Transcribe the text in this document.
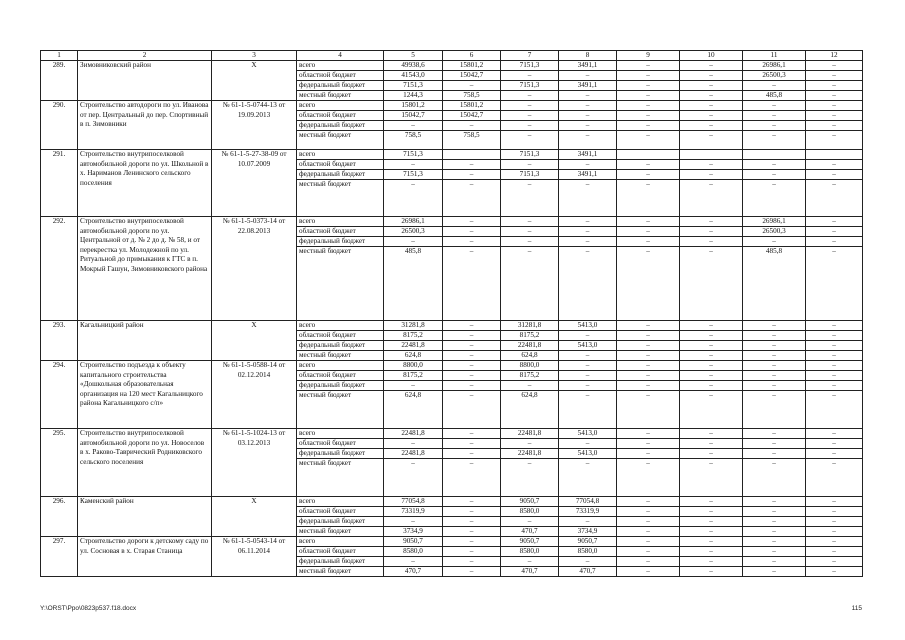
1	2	3	4	5	6	7	8	9	10	11	12
289.	Зимовниковский район	Х	всего	49938,6	15801,2	7151,3	3491,1	–	–	26986,1	–
			областной бюджет	41543,0	15042,7	–	–	–	–	26500,3	–
			федеральный бюджет	7151,3	–	7151,3	3491,1	–	–	–	–
			местный бюджет	1244,3	758,5	–	–	–	–	485,8	–
290.	Строительство автодороги по ул. Иванова от пер. Центральный до пер. Спортивный в п. Зимовники	№ 61-1-5-0744-13 от 19.09.2013	всего	15801,2	15801,2	–	–	–	–	–	–
			областной бюджет	15042,7	15042,7	–	–	–	–	–	–
			федеральный бюджет	–	–	–	–	–	–	–	–
			местный бюджет	758,5	758,5	–	–	–	–	–	–
291.	Строительство внутрипоселковой автомобильной дороги по ул. Школьной в х. Нариманов Ленинского сельского поселения	№ 61-1-5-27-38-09 от 10.07.2009	всего	7151,3		7151,3	3491,1				
			областной бюджет	–	–	–	–	–	–	–	–
			федеральный бюджет	7151,3	–	7151,3	3491,1	–	–	–	–
			местный бюджет	–	–	–	–	–	–	–	–
292.	Строительство внутрипоселковой автомобильной дороги по ул. Центральной от д. № 2 до д. № 58, и от перекрестка ул. Молодежной по ул. Ритуальной до примыкания к ГТС в п. Мокрый Гашун, Зимовниковского района	№ 61-1-5-0373-14 от 22.08.2013	всего	26986,1	–	–	–	–	–	26986,1	–
			областной бюджет	26500,3	–	–	–	–	–	26500,3	–
			федеральный бюджет	–	–	–	–	–	–	–	–
			местный бюджет	485,8	–	–	–	–	–	485,8	–
293.	Кагальницкий район	Х	всего	31281,8	–	31281,8	5413,0	–	–	–	–
			областной бюджет	8175,2	–	8175,2	–	–	–	–	–
			федеральный бюджет	22481,8	–	22481,8	5413,0	–	–	–	–
			местный бюджет	624,8	–	624,8	–	–	–	–	–
294.	Строительство подъезда к объекту капитального строительства «Дошкольная образовательная организация на 120 мест Кагальницкого района Кагальницкого с/п»	№ 61-1-5-0588-14 от 02.12.2014	всего	8800,0	–	8800,0	–	–	–	–	–
			областной бюджет	8175,2	–	8175,2	–	–	–	–	–
			федеральный бюджет	–	–	–	–	–	–	–	–
			местный бюджет	624,8	–	624,8	–	–	–	–	–
295.	Строительство внутрипоселковой автомобильной дороги по ул. Новоселов в х. Раково-Таврический Родниковского сельского поселения	№ 61-1-5-1024-13 от 03.12.2013	всего	22481,8	–	22481,8	5413,0	–	–	–	–
			областной бюджет	–	–	–	–	–	–	–	–
			федеральный бюджет	22481,8	–	22481,8	5413,0	–	–	–	–
			местный бюджет	–	–	–	–	–	–	–	–
296.	Каменский район	Х	всего	77054,8	–	9050,7	77054,8	–	–	–	–
			областной бюджет	73319,9	–	8580,0	73319,9	–	–	–	–
			федеральный бюджет	–	–	–	–	–	–	–	–
			местный бюджет	3734,9	–	470,7	3734,9	–	–	–	–
297.	Строительство дороги к детскому саду по ул. Сосновая в х. Старая Станица	№ 61-1-5-0543-14 от 06.11.2014	всего	9050,7	–	9050,7	9050,7	–	–	–	–
			областной бюджет	8580,0	–	8580,0	8580,0	–	–	–	–
			федеральный бюджет	–	–	–	–	–	–	–	–
			местный бюджет	470,7	–	470,7	470,7	–	–	–	–
Y:\ORST\Ppo\0823p537.f18.docx	115
